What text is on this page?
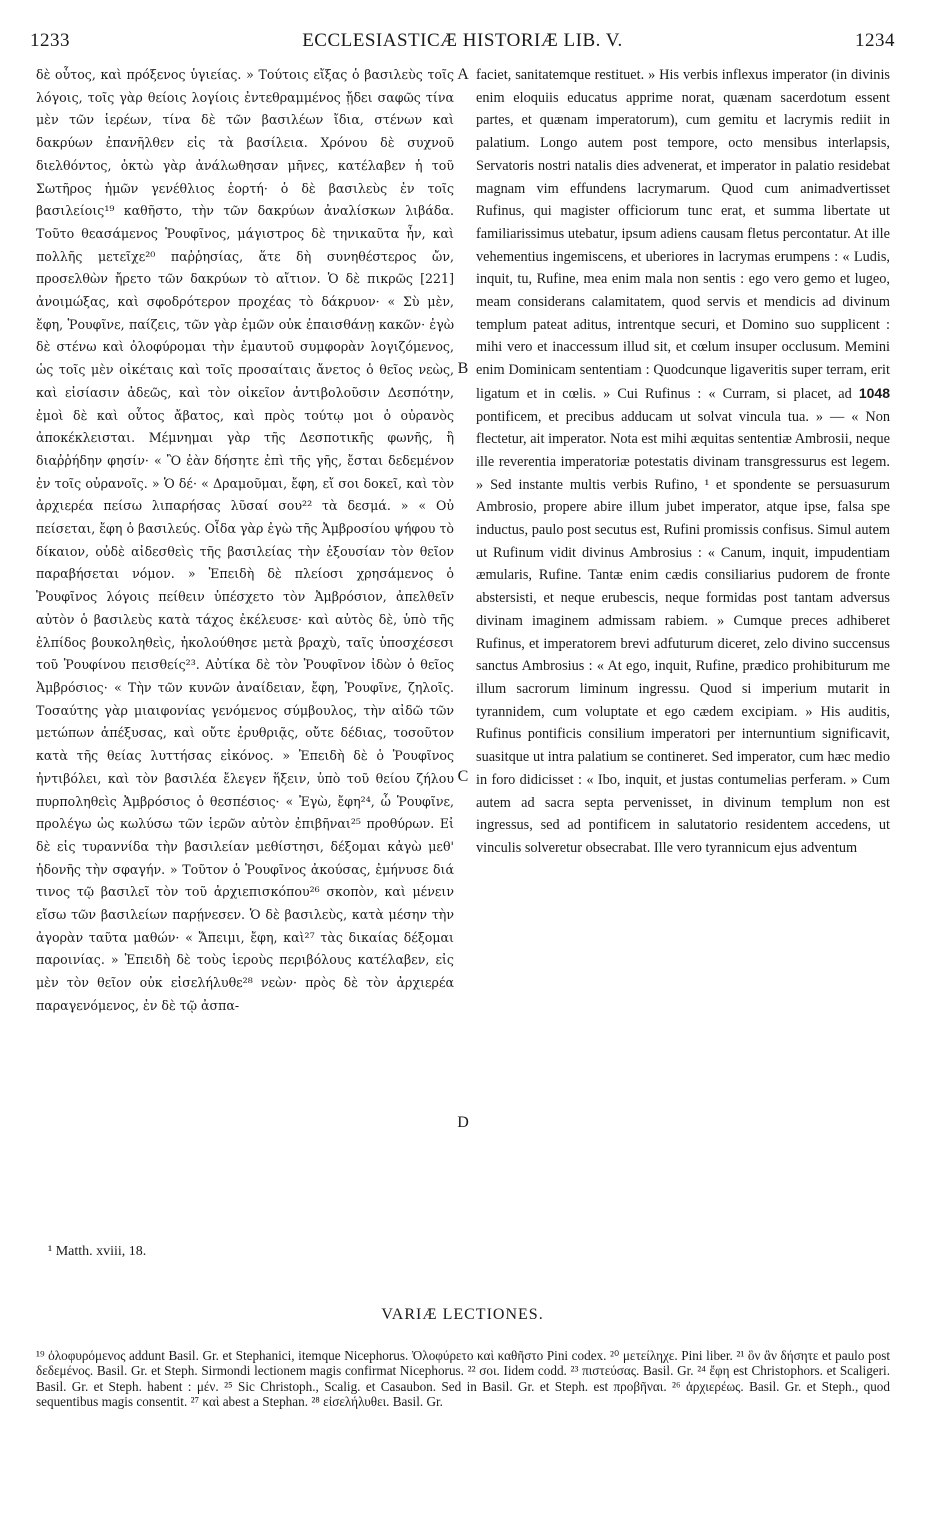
1233	ECCLESIASTICÆ HISTORIÆ LIB. V.	1234

δὲ οὗτος, καὶ πρόξενος ὑγιείας. » Τούτοις εἴξας ὁ βασιλεὺς τοῖς λόγοις, τοῖς γὰρ θείοις λογίοις ἐντεθραμμένος ᾔδει σαφῶς τίνα μὲν τῶν ἱερέων, τίνα δὲ τῶν βασιλέων ἴδια, στένων καὶ δακρύων ἐπανῆλθεν εἰς τὰ βασίλεια. Χρόνου δὲ συχνοῦ διελθόντος, ὀκτὼ γὰρ ἀνάλωθησαν μῆνες, κατέλαβεν ἡ τοῦ Σωτῆρος ἡμῶν γενέθλιος ἑορτή· ὁ δὲ βασιλεὺς ἐν τοῖς βασιλείοις¹⁹ καθῆστο, τὴν τῶν δακρύων ἀναλίσκων λιβάδα. Τοῦτο θεασάμενος Ῥουφῖνος, μάγιστρος δὲ τηνικαῦτα ἦν, καὶ πολλῆς μετεῖχε²⁰ παῤῥησίας, ἅτε δὴ συνηθέστερος ὤν, προσελθὼν ἤρετο τῶν δακρύων τὸ αἴτιον. Ὁ δὲ πικρῶς [221] ἀνοιμώξας, καὶ σφοδρότερον προχέας τὸ δάκρυον· « Σὺ μὲν, ἔφη, Ῥουφῖνε, παίζεις, τῶν γὰρ ἐμῶν οὐκ ἐπαισθάνῃ κακῶν· ἐγὼ δὲ στένω καὶ ὀλοφύρομαι τὴν ἐμαυτοῦ συμφορὰν λογιζόμενος, ὡς τοῖς μὲν οἰκέταις καὶ τοῖς προσαίταις ἄνετος ὁ θεῖος νεὼς, καὶ εἰσίασιν ἀδεῶς, καὶ τὸν οἰκεῖον ἀντιβολοῦσιν Δεσπότην, ἐμοὶ δὲ καὶ οὗτος ἄβατος, καὶ πρὸς τούτῳ μοι ὁ οὐρανὸς ἀποκέκλεισται. Μέμνημαι γὰρ τῆς Δεσποτικῆς φωνῆς, ἢ διαῤῥήδην φησίν· « Ὃ ἐὰν δήσητε ἐπὶ τῆς γῆς, ἔσται δεδεμένον ἐν τοῖς οὐρανοῖς. » Ὁ δέ· « Δραμοῦμαι, ἔφη, εἴ σοι δοκεῖ, καὶ τὸν ἀρχιερέα πείσω λιπαρήσας λῦσαί σου²² τὰ δεσμά. » « Οὐ πείσεται, ἔφη ὁ βασιλεύς. Οἶδα γὰρ ἐγὼ τῆς Ἀμβροσίου ψήφου τὸ δίκαιον, οὐδὲ αἰδεσθεὶς τῆς βασιλείας τὴν ἐξουσίαν τὸν θεῖον παραβήσεται νόμον. » Ἐπειδὴ δὲ πλείοσι χρησάμενος ὁ Ῥουφῖνος λόγοις πείθειν ὑπέσχετο τὸν Ἀμβρόσιον, ἀπελθεῖν αὐτὸν ὁ βασιλεὺς κατὰ τάχος ἐκέλευσε· καὶ αὐτὸς δὲ, ὑπὸ τῆς ἐλπίδος βουκοληθεὶς, ἠκολούθησε μετὰ βραχὺ, ταῖς ὑποσχέσεσι τοῦ Ῥουφίνου πεισθείς²³. Αὐτίκα δὲ τὸν Ῥουφῖνον ἰδὼν ὁ θεῖος Ἀμβρόσιος· « Τὴν τῶν κυνῶν ἀναίδειαν, ἔφη, Ῥουφῖνε, ζηλοῖς. Τοσαύτης γὰρ μιαιφονίας γενόμενος σύμβουλος, τὴν αἰδῶ τῶν μετώπων ἀπέξυσας, καὶ οὔτε ἐρυθριᾷς, οὔτε δέδιας, τοσοῦτον κατὰ τῆς θείας λυττήσας εἰκόνος. » Ἐπειδὴ δὲ ὁ Ῥουφῖνος ἠντιβόλει, καὶ τὸν βασιλέα ἔλεγεν ἥξειν, ὑπὸ τοῦ θείου ζήλου πυρποληθεὶς Ἀμβρόσιος ὁ θεσπέσιος· « Ἐγὼ, ἔφη²⁴, ὦ Ῥουφῖνε, προλέγω ὡς κωλύσω τῶν ἱερῶν αὐτὸν ἐπιβῆναι²⁵ προθύρων. Εἰ δὲ εἰς τυραννίδα τὴν βασιλείαν μεθίστησι, δέξομαι κἀγὼ μεθ' ἡδονῆς τὴν σφαγήν. » Τοῦτον ὁ Ῥουφῖνος ἀκούσας, ἐμήνυσε διά τινος τῷ βασιλεῖ τὸν τοῦ ἀρχιεπισκόπου²⁶ σκοπὸν, καὶ μένειν εἴσω τῶν βασιλείων παρῄνεσεν. Ὁ δὲ βασιλεὺς, κατὰ μέσην τὴν ἀγορὰν ταῦτα μαθών· « Ἄπειμι, ἔφη, καὶ²⁷ τὰς δικαίας δέξομαι παροινίας. » Ἐπειδὴ δὲ τοὺς ἱεροὺς περιβόλους κατέλαβεν, εἰς μὲν τὸν θεῖον οὐκ εἰσελήλυθε²⁸ νεὼν· πρὸς δὲ τὸν ἀρχιερέα παραγενόμενος, ἐν δὲ τῷ ἀσπα-

A
B
C
D

faciet, sanitatemque restituet. » His verbis inflexus imperator (in divinis enim eloquiis educatus apprime norat, quænam sacerdotum essent partes, et quænam imperatorum), cum gemitu et lacrymis rediit in palatium. Longo autem post tempore, octo mensibus interlapsis, Servatoris nostri natalis dies advenerat, et imperator in palatio residebat magnam vim effundens lacrymarum. Quod cum animadvertisset Rufinus, qui magister officiorum tunc erat, et summa libertate ut familiarissimus utebatur, ipsum adiens causam fletus percontatur. At ille vehementius ingemiscens, et uberiores in lacrymas erumpens : « Ludis, inquit, tu, Rufine, mea enim mala non sentis : ego vero gemo et lugeo, meam considerans calamitatem, quod servis et mendicis ad divinum templum pateat aditus, intrentque securi, et Domino suo supplicent : mihi vero et inaccessum illud sit, et cœlum insuper occlusum. Memini enim Dominicam sententiam : Quodcunque ligaveritis super terram, erit ligatum et in cœlis. » Cui Rufinus : « Curram, si placet, ad 1048 pontificem, et precibus adducam ut solvat vincula tua. » — « Non flectetur, ait imperator. Nota est mihi æquitas sententiæ Ambrosii, neque ille reverentia imperatoriæ potestatis divinam transgressurus est legem. » Sed instante multis verbis Rufino, ¹ et spondente se persuasurum Ambrosio, propere abire illum jubet imperator, atque ipse, falsa spe inductus, paulo post secutus est, Rufini promissis confisus. Simul autem ut Rufinum vidit divinus Ambrosius : « Canum, inquit, impudentiam æmularis, Rufine. Tantæ enim cædis consiliarius pudorem de fronte abstersisti, et neque erubescis, neque formidas post tantam adversus divinam imaginem admissam rabiem. » Cumque preces adhiberet Rufinus, et imperatorem brevi adfuturum diceret, zelo divino succensus sanctus Ambrosius : « At ego, inquit, Rufine, prædico prohibiturum me illum sacrorum liminum ingressu. Quod si imperium mutarit in tyrannidem, cum voluptate et ego cædem excipiam. » His auditis, Rufinus pontificis consilium imperatori per internuntium significavit, suasitque ut intra palatium se contineret. Sed imperator, cum hæc medio in foro didicisset : « Ibo, inquit, et justas contumelias perferam. » Cum autem ad sacra septa pervenisset, in divinum templum non est ingressus, sed ad pontificem in salutatorio residentem accedens, ut vinculis solveretur obsecrabat. Ille vero tyrannicum ejus adventum

¹ Matth. xviii, 18.
VARIÆ LECTIONES.

¹⁹ ὀλοφυρόμενος addunt Basil. Gr. et Stephanici, itemque Nicephorus. Ὀλοφύρετο καὶ καθῆστο Pini codex. ²⁰ μετείληχε. Pini liber. ²¹ ὃν ἂν δήσητε et paulo post δεδεμένος. Basil. Gr. et Steph. Sirmondi lectionem magis confirmat Nicephorus. ²² σοι. Iidem codd. ²³ πιστεύσας. Basil. Gr. ²⁴ ἔφη est Christophors. et Scaligeri. Basil. Gr. et Steph. habent : μέν. ²⁵ Sic Christoph., Scalig. et Casaubon. Sed in Basil. Gr. et Steph. est προβῆναι. ²⁶ ἀρχιερέως. Basil. Gr. et Steph., quod sequentibus magis consentit. ²⁷ καὶ abest a Stephan. ²⁸ εἰσελήλυθει. Basil. Gr.
